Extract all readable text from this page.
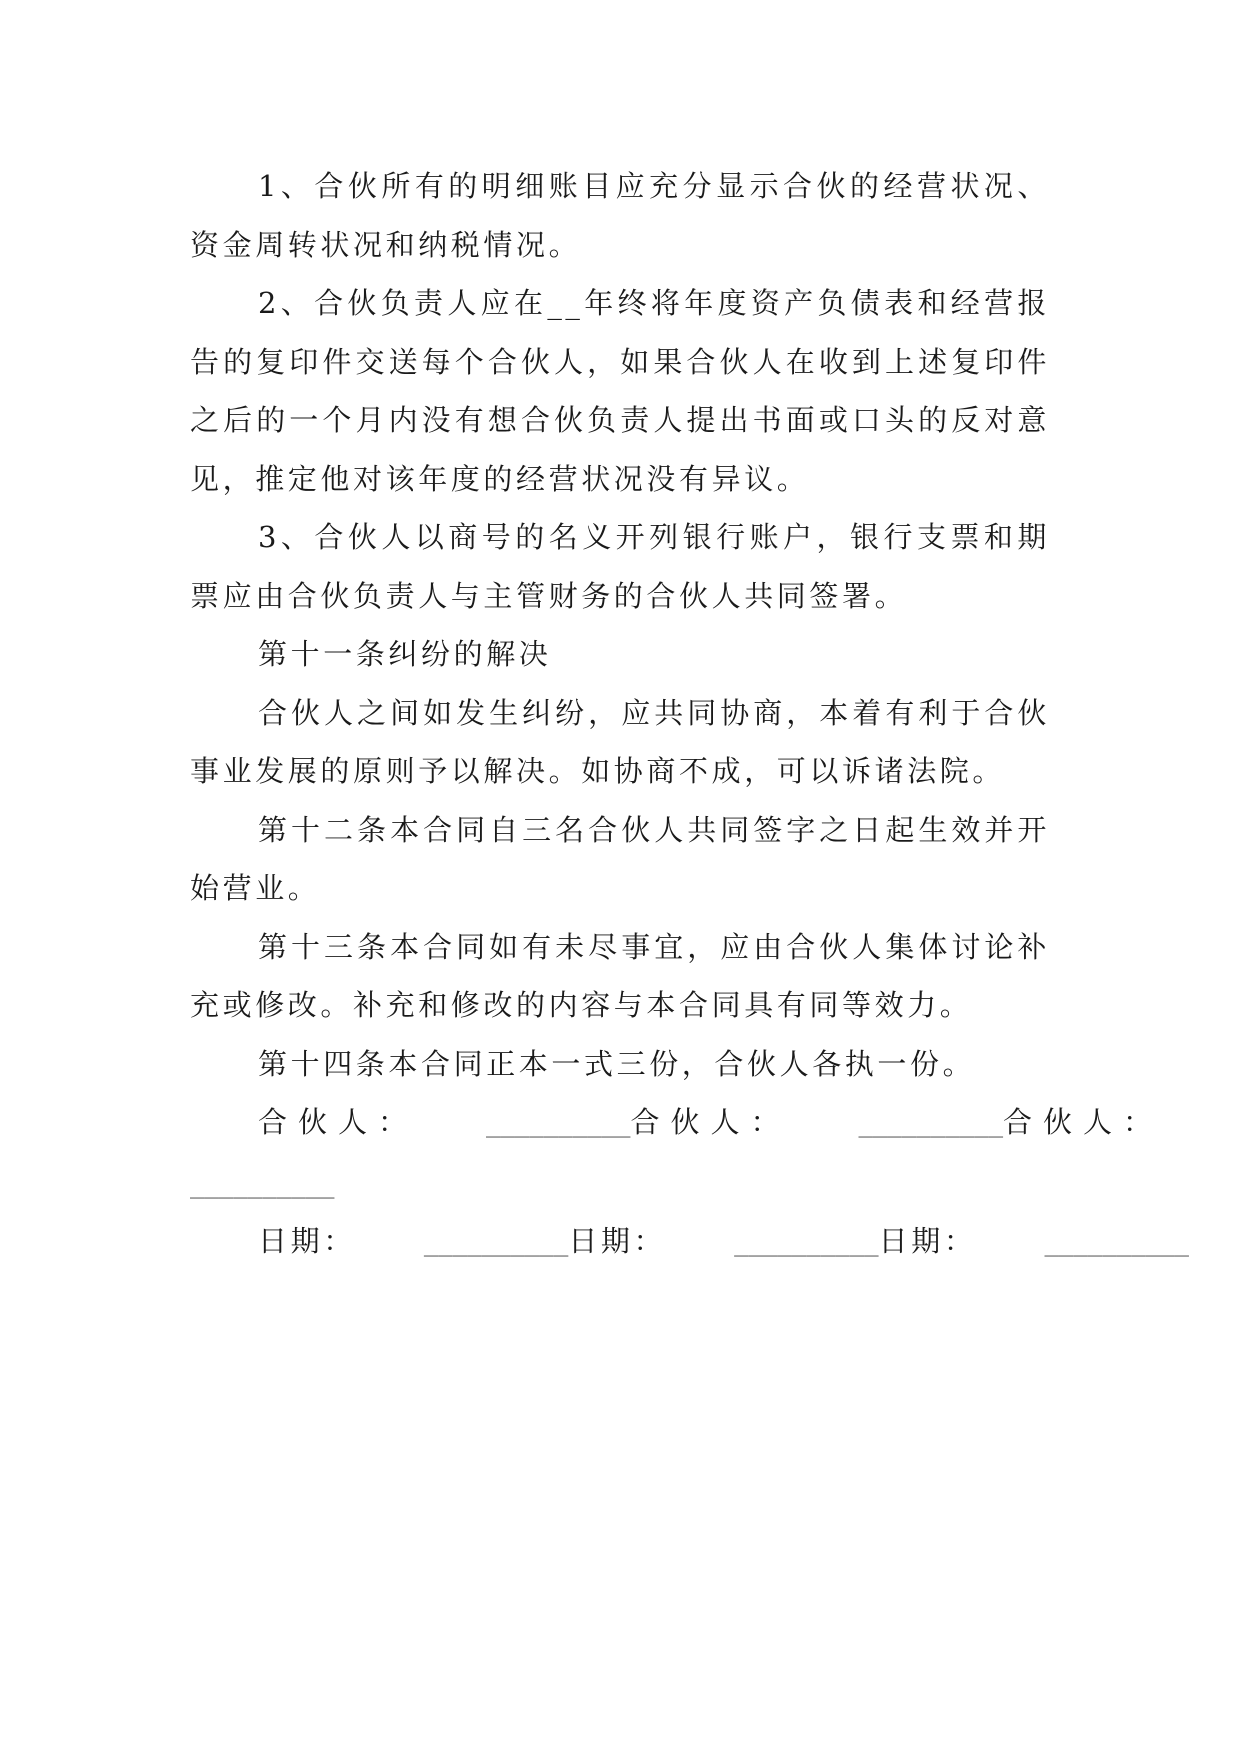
1、合伙所有的明细账目应充分显示合伙的经营状况、资金周转状况和纳税情况。

2、合伙负责人应在__年终将年度资产负债表和经营报告的复印件交送每个合伙人，如果合伙人在收到上述复印件之后的一个月内没有想合伙负责人提出书面或口头的反对意见，推定他对该年度的经营状况没有异议。

3、合伙人以商号的名义开列银行账户，银行支票和期票应由合伙负责人与主管财务的合伙人共同签署。

第十一条纠纷的解决

合伙人之间如发生纠纷，应共同协商，本着有利于合伙事业发展的原则予以解决。如协商不成，可以诉诸法院。

第十二条本合同自三名合伙人共同签字之日起生效并开始营业。

第十三条本合同如有未尽事宜，应由合伙人集体讨论补充或修改。补充和修改的内容与本合同具有同等效力。

第十四条本合同正本一式三份，合伙人各执一份。

合伙人：	__________合伙人：	__________合伙人：

__________

日期：	__________日期：	__________日期：	__________
